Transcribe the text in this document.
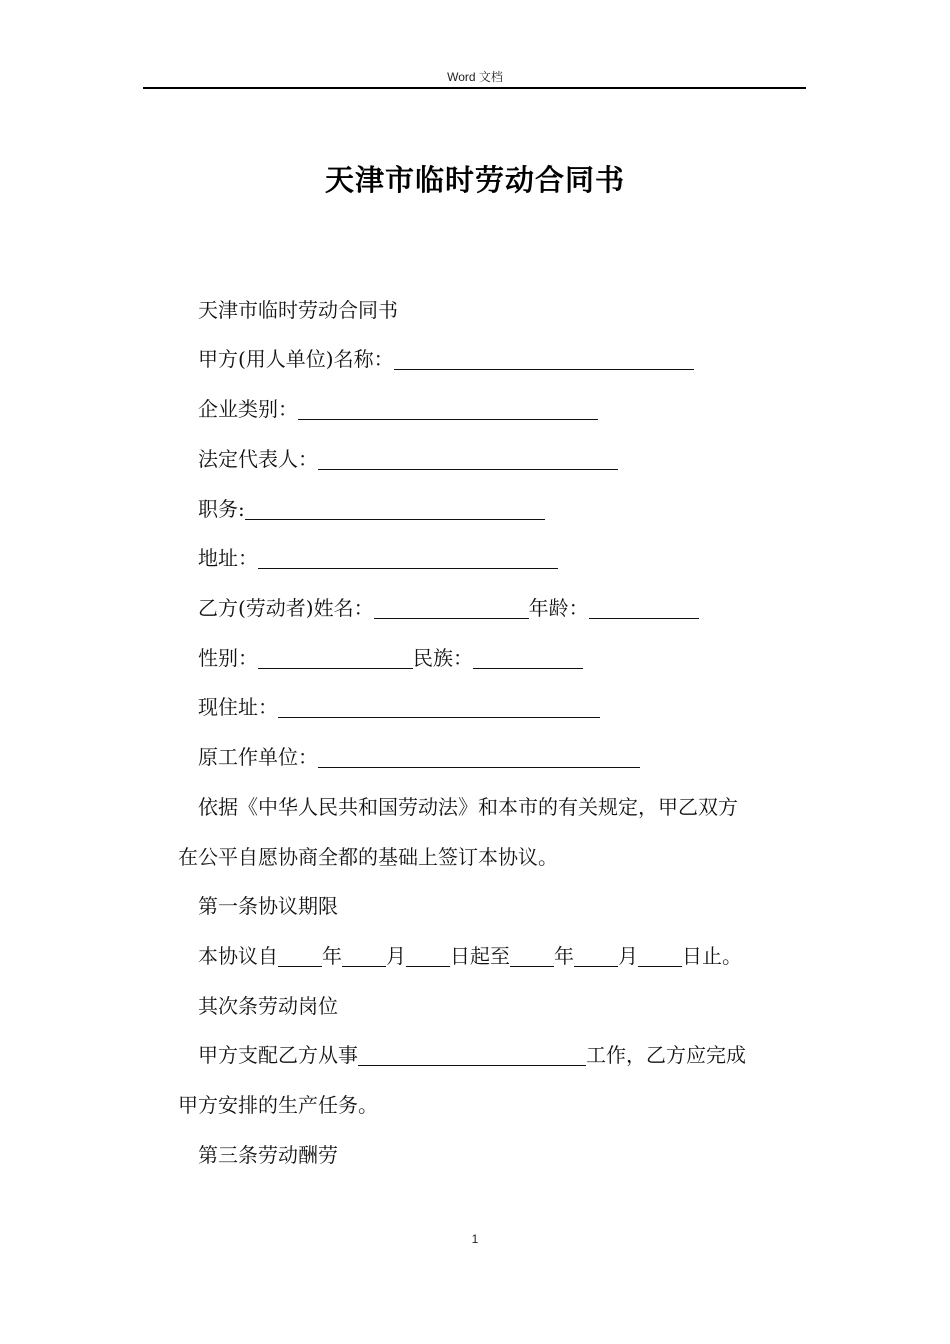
Word 文档
天津市临时劳动合同书
天津市临时劳动合同书
甲方(用人单位)名称：
企业类别：
法定代表人：
职务:
地址：
乙方(劳动者)姓名：	年龄：
性别：	民族：
现住址：
原工作单位：
依据《中华人民共和国劳动法》和本市的有关规定，甲乙双方
在公平自愿协商全都的基础上签订本协议。
第一条协议期限
本协议自 年 月 日起至 年 月 日止。
其次条劳动岗位
甲方支配乙方从事	工作，乙方应完成
甲方安排的生产任务。
第三条劳动酬劳
1
